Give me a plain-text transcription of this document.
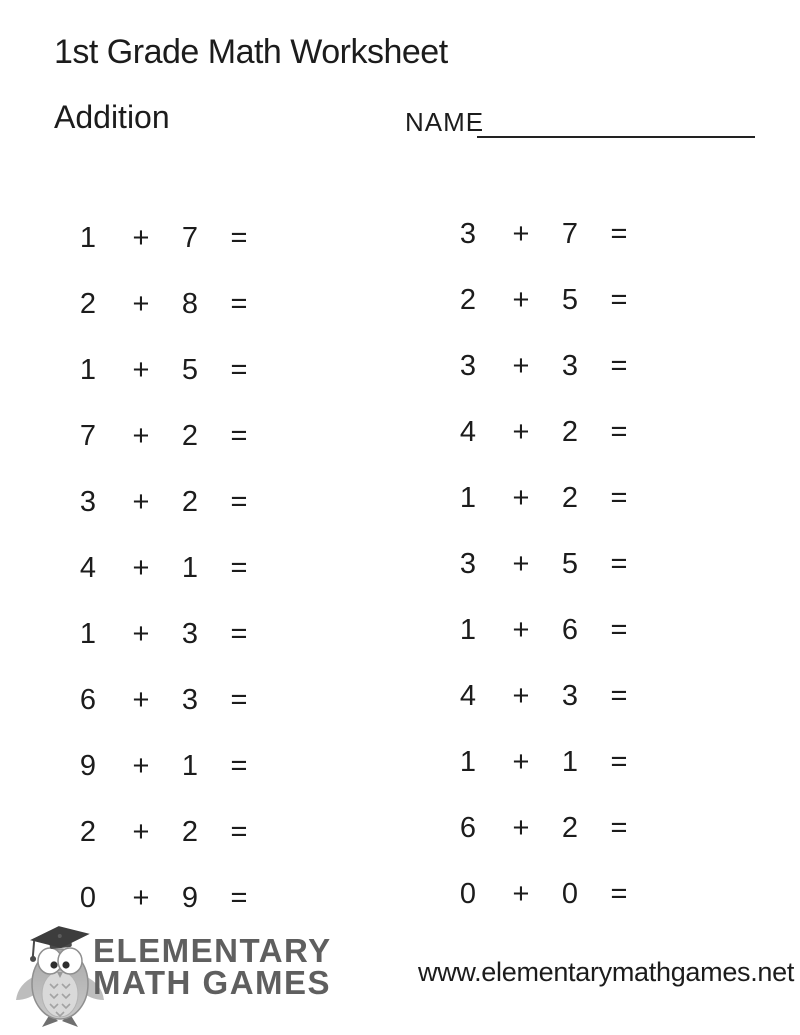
1st Grade Math Worksheet
Addition	NAME
1	+	7	=
2	+	8	=
1	+	5	=
7	+	2	=
3	+	2	=
4	+	1	=
1	+	3	=
6	+	3	=
9	+	1	=
2	+	2	=
0	+	9	=
3	+	7	=
2	+	5	=
3	+	3	=
4	+	2	=
1	+	2	=
3	+	5	=
1	+	6	=
4	+	3	=
1	+	1	=
6	+	2	=
0	+	0	=
ELEMENTARY
MATH GAMES	www.elementarymathgames.net
